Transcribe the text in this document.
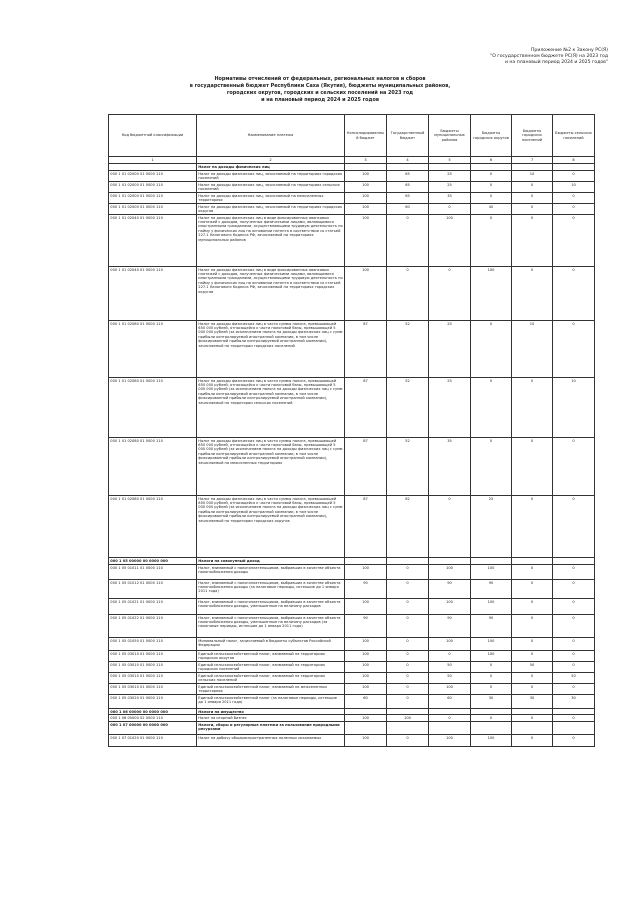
Приложение №2 к Закону РС(Я)
"О государственном бюджете РС(Я) на 2023 год
и на плановый период 2024 и 2025 годов"
Нормативы отчислений от федеральных, региональных налогов и сборов
в государственный бюджет Республики Саха (Якутия), бюджеты муниципальных районов,
городских округов, городских и сельских поселений на 2023 год
и на плановый период 2024 и 2025 годов
Код бюджетной классификации	Наименование платежа	Консолидированный бюджет	Государственный бюджет	Бюджеты муниципальных районов	Бюджеты городских округов	Бюджеты городских поселений	Бюджеты сельских поселений
1	2	3	4	5	6	7	8
	Налог на доходы физических лиц						
000 1 01 02000 01 0000 110	Налог на доходы физических лиц, зачисляемый на территориях городских поселений	100	65	25	0	10	0
000 1 01 02000 01 0000 110	Налог на доходы физических лиц, зачисляемый на территориях сельских поселений	100	65	25	0	0	10
000 1 01 02000 01 0000 110	Налог на доходы физических лиц, зачисляемый на межселенных территориях	100	65	35	0	0	0
000 1 01 02000 01 0000 110	Налог на доходы физических лиц, зачисляемый на территориях городских округов	100	60	0	40	0	0
000 1 01 02040 01 0000 110	Налог на доходы физических лиц в виде фиксированных авансовых платежей с доходов, полученных физическими лицами, являющимися иностранными гражданами, осуществляющими трудовую деятельность по найму у физических лиц на основании патента в соответствии со статьей 227.1 Налогового Кодекса РФ, зачисляемый на территориях муниципальных районов	100	0	100	0	0	0
000 1 01 02040 01 0000 110	Налог на доходы физических лиц в виде фиксированных авансовых платежей с доходов, полученных физическими лицами, являющимися иностранными гражданами, осуществляющими трудовую деятельность по найму у физических лиц на основании патента в соответствии со статьей 227.1 Налогового Кодекса РФ, зачисляемый на территориях городских округов	100	0	0	100	0	0
000 1 01 02080 01 0000 110	Налог на доходы физических лиц в части суммы налога, превышающей 650 000 рублей, относящейся к части налоговой базы, превышающей 5 000 000 рублей (за исключением налога на доходы физических лиц с сумм прибыли контролируемой иностранной компании, в том числе фиксированной прибыли контролируемой иностранной компании), зачисляемый на территории городских поселений	87	52	25	0	10	0
000 1 01 02080 01 0000 110	Налог на доходы физических лиц в части суммы налога, превышающей 650 000 рублей, относящейся к части налоговой базы, превышающей 5 000 000 рублей (за исключением налога на доходы физических лиц с сумм прибыли контролируемой иностранной компании, в том числе фиксированной прибыли контролируемой иностранной компании), зачисляемый на территории сельских поселений	87	52	25	0	0	10
000 1 01 02080 01 0000 110	Налог на доходы физических лиц в части суммы налога, превышающей 650 000 рублей, относящейся к части налоговой базы, превышающей 5 000 000 рублей (за исключением налога на доходы физических лиц с сумм прибыли контролируемой иностранной компании, в том числе фиксированной прибыли контролируемой иностранной компании), зачисляемый на межселенных территориях	87	52	35	0	0	0
000 1 01 02080 01 0000 110	Налог на доходы физических лиц в части суммы налога, превышающей 650 000 рублей, относящейся к части налоговой базы, превышающей 5 000 000 рублей (за исключением налога на доходы физических лиц с сумм прибыли контролируемой иностранной компании, в том числе фиксированной прибыли контролируемой иностранной компании), зачисляемый на территории городских округов	87	62	0	25	0	0
000 1 05 00000 00 0000 000	Налоги на совокупный доход						
000 1 05 01011 01 0000 110	Налог, взимаемый с налогоплательщиков, выбравших в качестве объекта налогообложения доходы	100	0	100	100	0	0
000 1 05 01012 01 0000 110	Налог, взимаемый с налогоплательщиков, выбравших в качестве объекта налогообложения доходы (за налоговые периоды, истекшие до 1 января 2011 года)	90	0	90	90	0	0
000 1 05 01021 01 0000 110	Налог, взимаемый с налогоплательщиков, выбравших в качестве объекта налогообложения доходы, уменьшенные на величину расходов	100	0	100	100	0	0
000 1 05 01022 01 0000 110	Налог, взимаемый с налогоплательщиков, выбравших в качестве объекта налогообложения доходы, уменьшенные на величину расходов (за налоговые периоды, истекшие до 1 января 2011 года)	90	0	90	90	0	0
000 1 05 01050 01 0000 110	Минимальный налог, зачисляемый в бюджеты субъектов Российской Федерации	100	0	100	100	0	0
000 1 05 03010 01 0000 110	Единый сельскохозяйственный налог, взимаемый на территориях городских округов	100	0	0	100	0	0
000 1 05 03010 01 0000 110	Единый сельскохозяйственный налог, взимаемый на территориях городских поселений	100	0	50	0	50	0
000 1 05 03010 01 0000 110	Единый сельскохозяйственный налог, взимаемый на территориях сельских поселений	100	0	50	0	0	50
000 1 05 03010 01 0000 110	Единый сельскохозяйственный налог, взимаемый на межселенных территориях	100	0	100	0	0	0
000 1 05 03020 01 0000 110	Единый сельскохозяйственный налог (за налоговые периоды, истекшие до 1 января 2011 года)	60	0	60	30	30	30
000 1 06 00000 00 0000 000	Налоги на имущество						
000 1 06 05000 02 0000 110	Налог на игорный бизнес	100	100	0	0	0	0
000 1 07 00000 00 0000 000	Налоги, сборы и регулярные платежи за пользование природными ресурсами						
000 1 07 01020 01 0000 110	Налог на добычу общераспространенных полезных ископаемых	100	0	100	100	0	0
